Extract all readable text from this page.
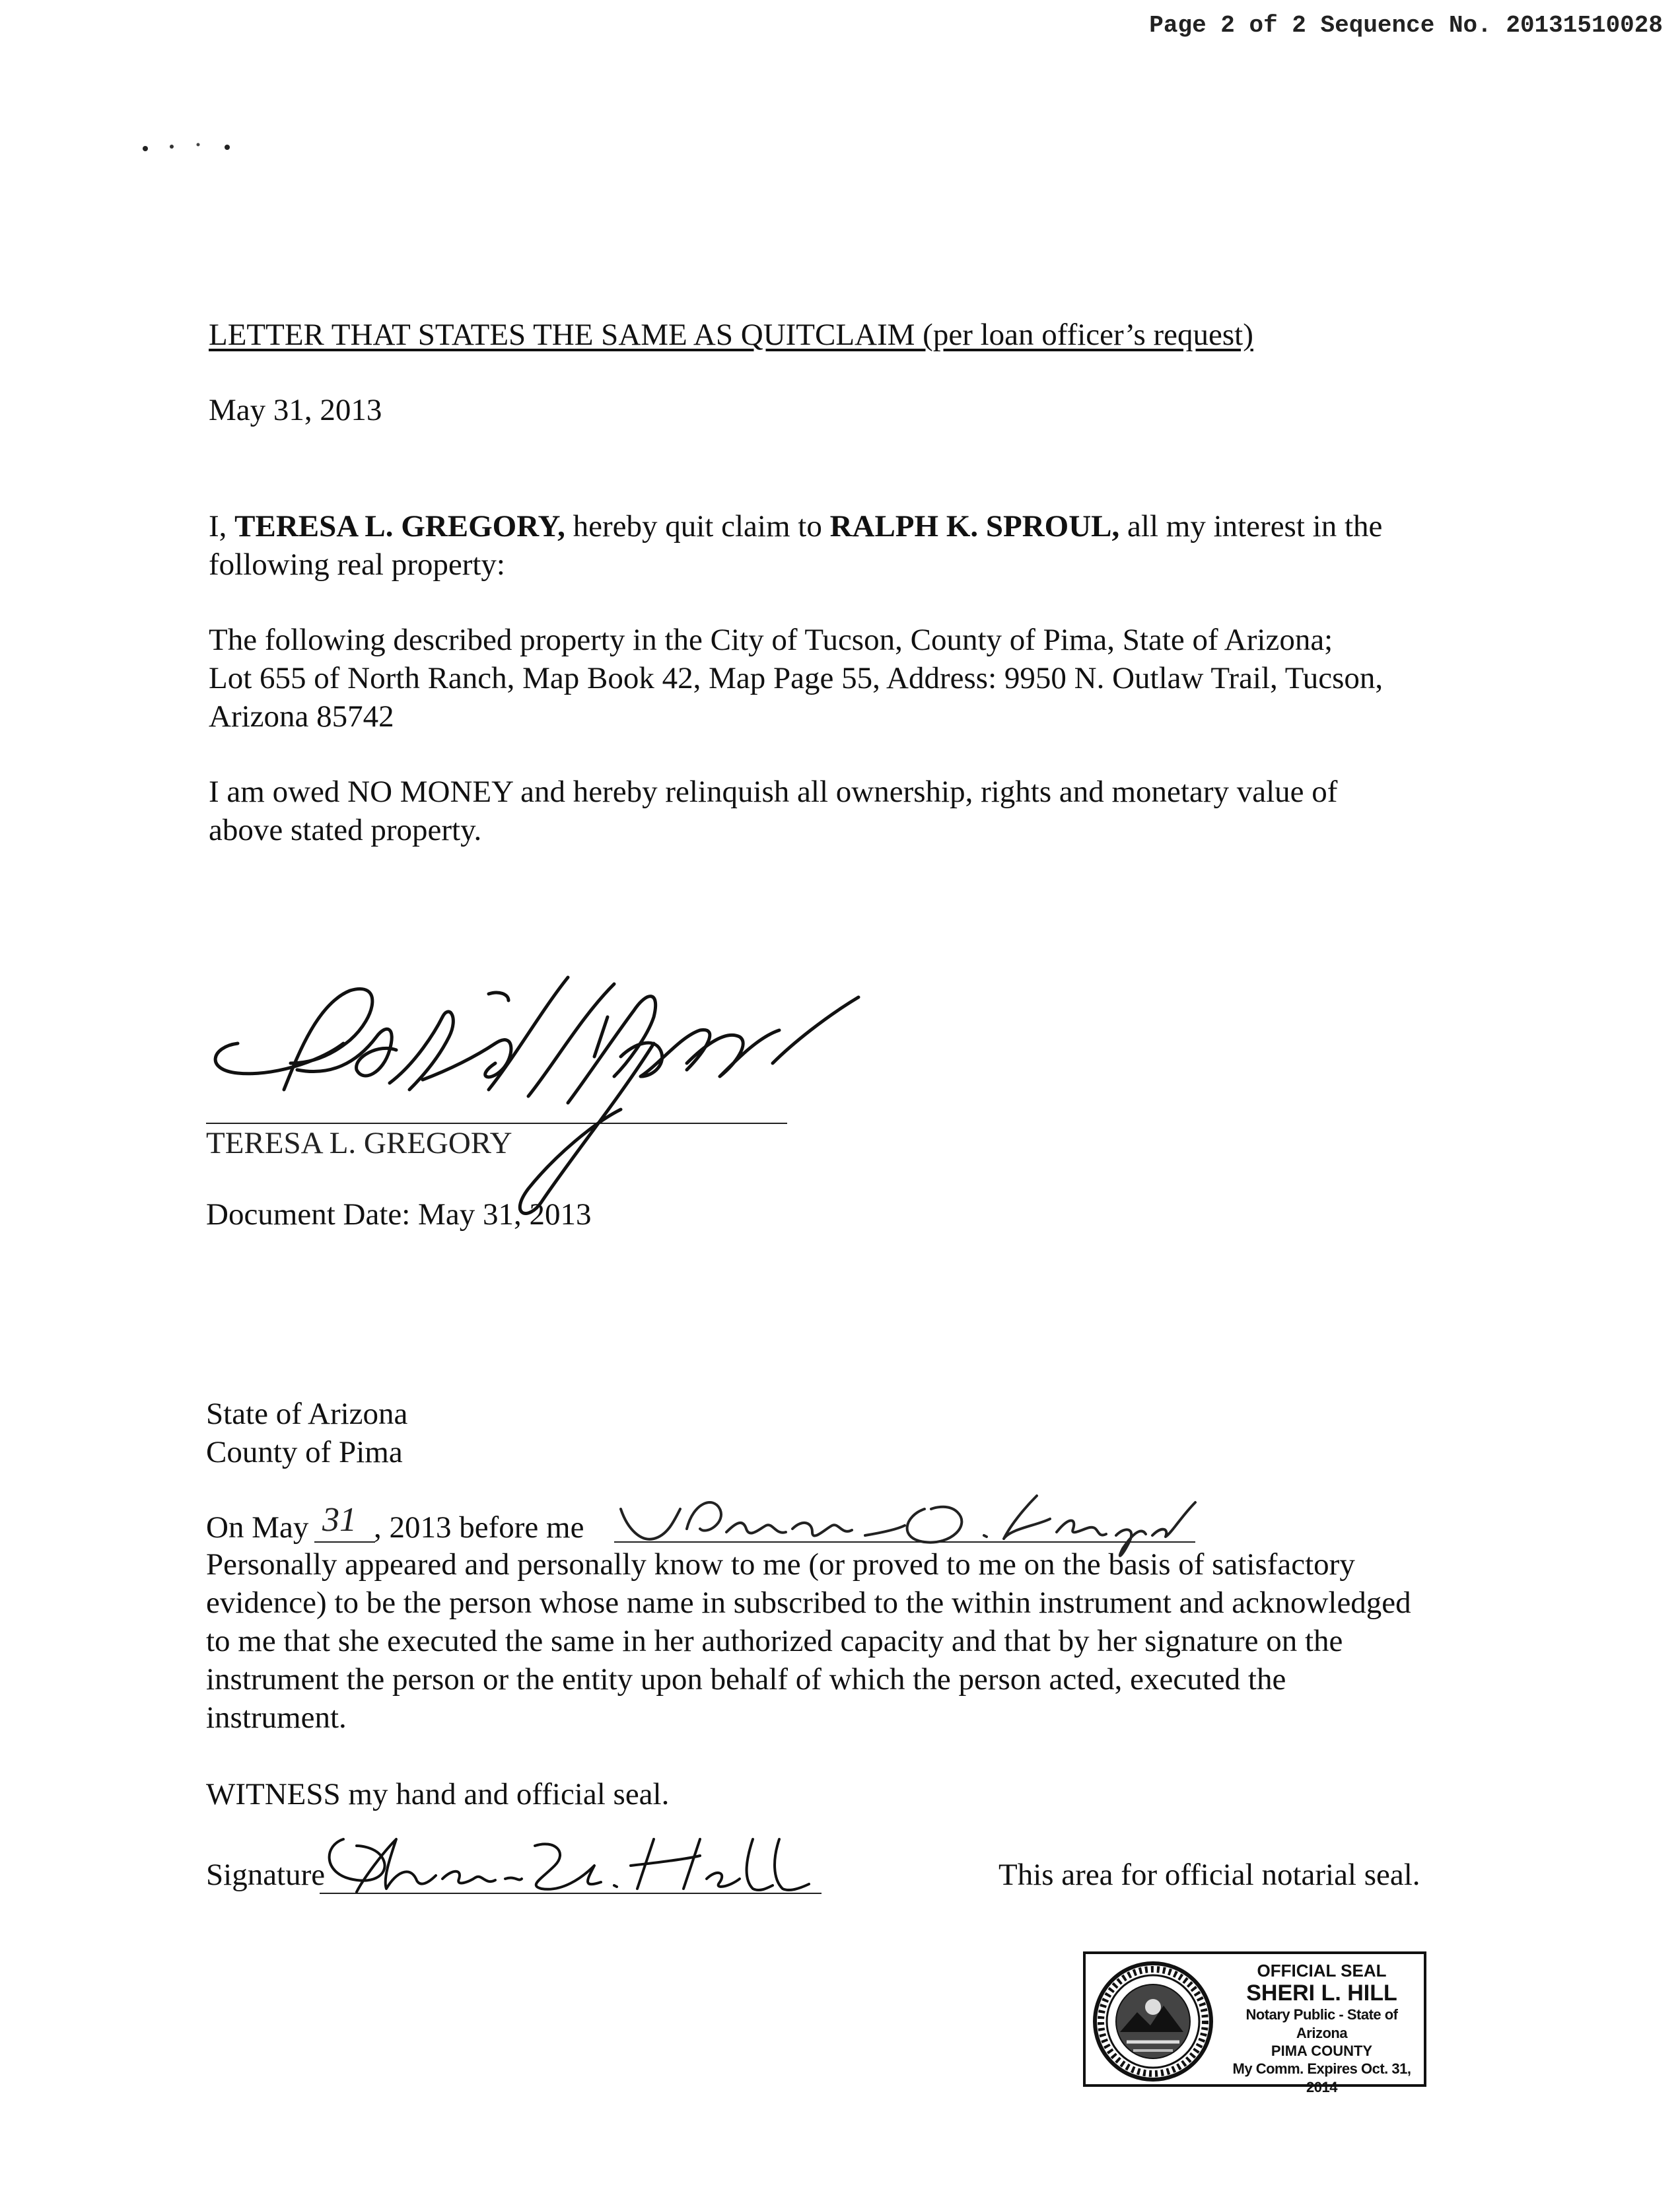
Page 2 of 2 Sequence No. 20131510028
LETTER THAT STATES THE SAME AS QUITCLAIM (per loan officer’s request)
May 31, 2013
I, TERESA L. GREGORY, hereby quit claim to RALPH K. SPROUL, all my interest in the
following real property:
The following described property in the City of Tucson, County of Pima, State of Arizona;
Lot 655 of North Ranch, Map Book 42, Map Page 55, Address: 9950 N. Outlaw Trail, Tucson,
Arizona 85742
I am owed NO MONEY and hereby relinquish all ownership, rights and monetary value of
above stated property.
TERESA L. GREGORY
Document Date: May 31, 2013
State of Arizona
County of Pima
On May 31 , 2013 before me
Personally appeared and personally know to me (or proved to me on the basis of satisfactory
evidence) to be the person whose name in subscribed to the within instrument and acknowledged
to me that she executed the same in her authorized capacity and that by her signature on the
instrument the person or the entity upon behalf of which the person acted, executed the
instrument.
WITNESS my hand and official seal.
Signature	This area for official notarial seal.
OFFICIAL SEAL
SHERI L. HILL
Notary Public - State of Arizona
PIMA COUNTY
My Comm. Expires Oct. 31, 2014
